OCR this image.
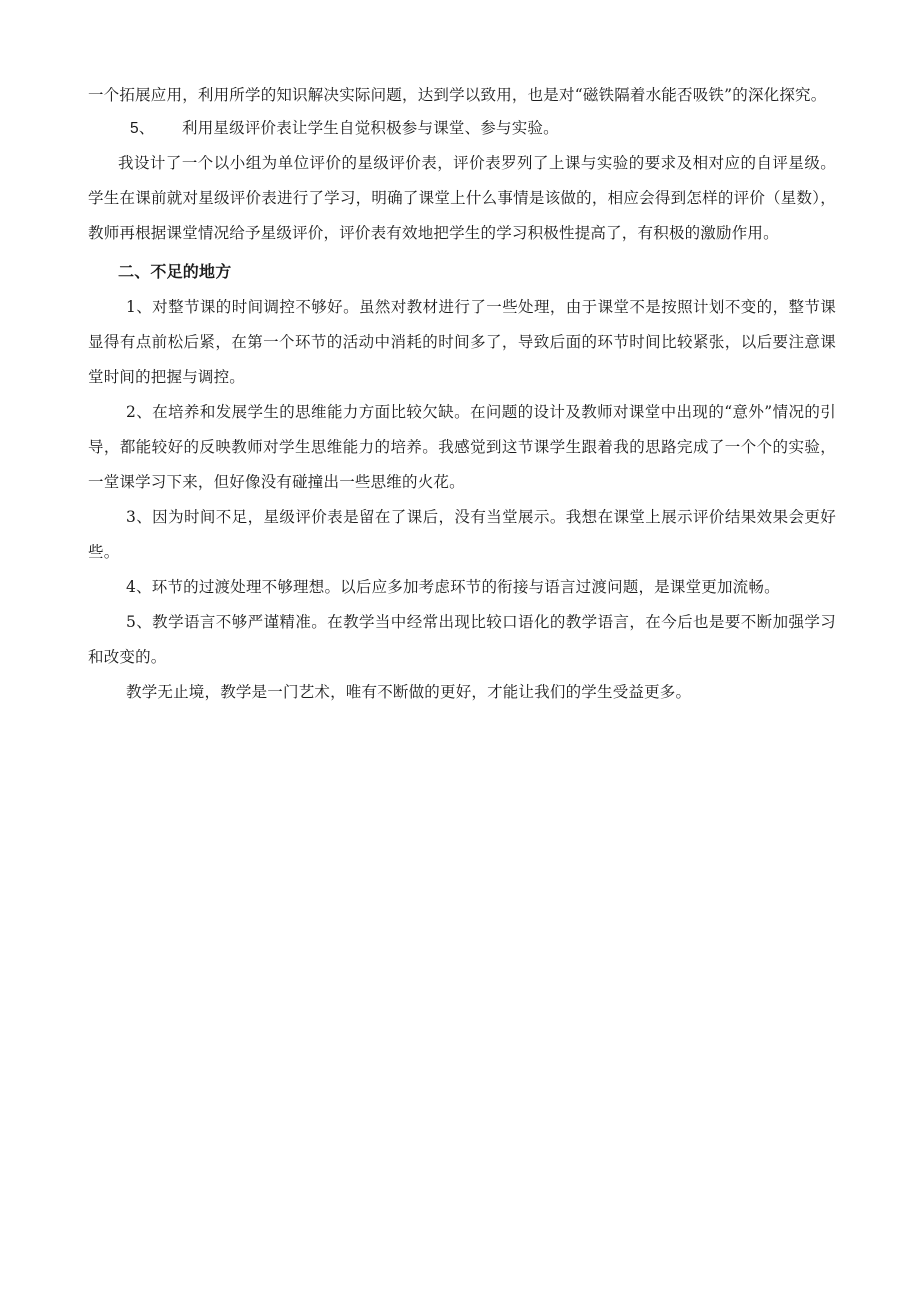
一个拓展应用，利用所学的知识解决实际问题，达到学以致用，也是对“磁铁隔着水能否吸铁”的深化探究。

5、 利用星级评价表让学生自觉积极参与课堂、参与实验。

我设计了一个以小组为单位评价的星级评价表，评价表罗列了上课与实验的要求及相对应的自评星级。学生在课前就对星级评价表进行了学习，明确了课堂上什么事情是该做的，相应会得到怎样的评价（星数），教师再根据课堂情况给予星级评价，评价表有效地把学生的学习积极性提高了，有积极的激励作用。

二、不足的地方

1、对整节课的时间调控不够好。虽然对教材进行了一些处理，由于课堂不是按照计划不变的，整节课显得有点前松后紧，在第一个环节的活动中消耗的时间多了，导致后面的环节时间比较紧张，以后要注意课堂时间的把握与调控。

2、在培养和发展学生的思维能力方面比较欠缺。在问题的设计及教师对课堂中出现的“意外”情况的引导，都能较好的反映教师对学生思维能力的培养。我感觉到这节课学生跟着我的思路完成了一个个的实验，一堂课学习下来，但好像没有碰撞出一些思维的火花。

3、因为时间不足，星级评价表是留在了课后，没有当堂展示。我想在课堂上展示评价结果效果会更好些。

4、环节的过渡处理不够理想。以后应多加考虑环节的衔接与语言过渡问题，是课堂更加流畅。

5、教学语言不够严谨精准。在教学当中经常出现比较口语化的教学语言，在今后也是要不断加强学习和改变的。

教学无止境，教学是一门艺术，唯有不断做的更好，才能让我们的学生受益更多。
